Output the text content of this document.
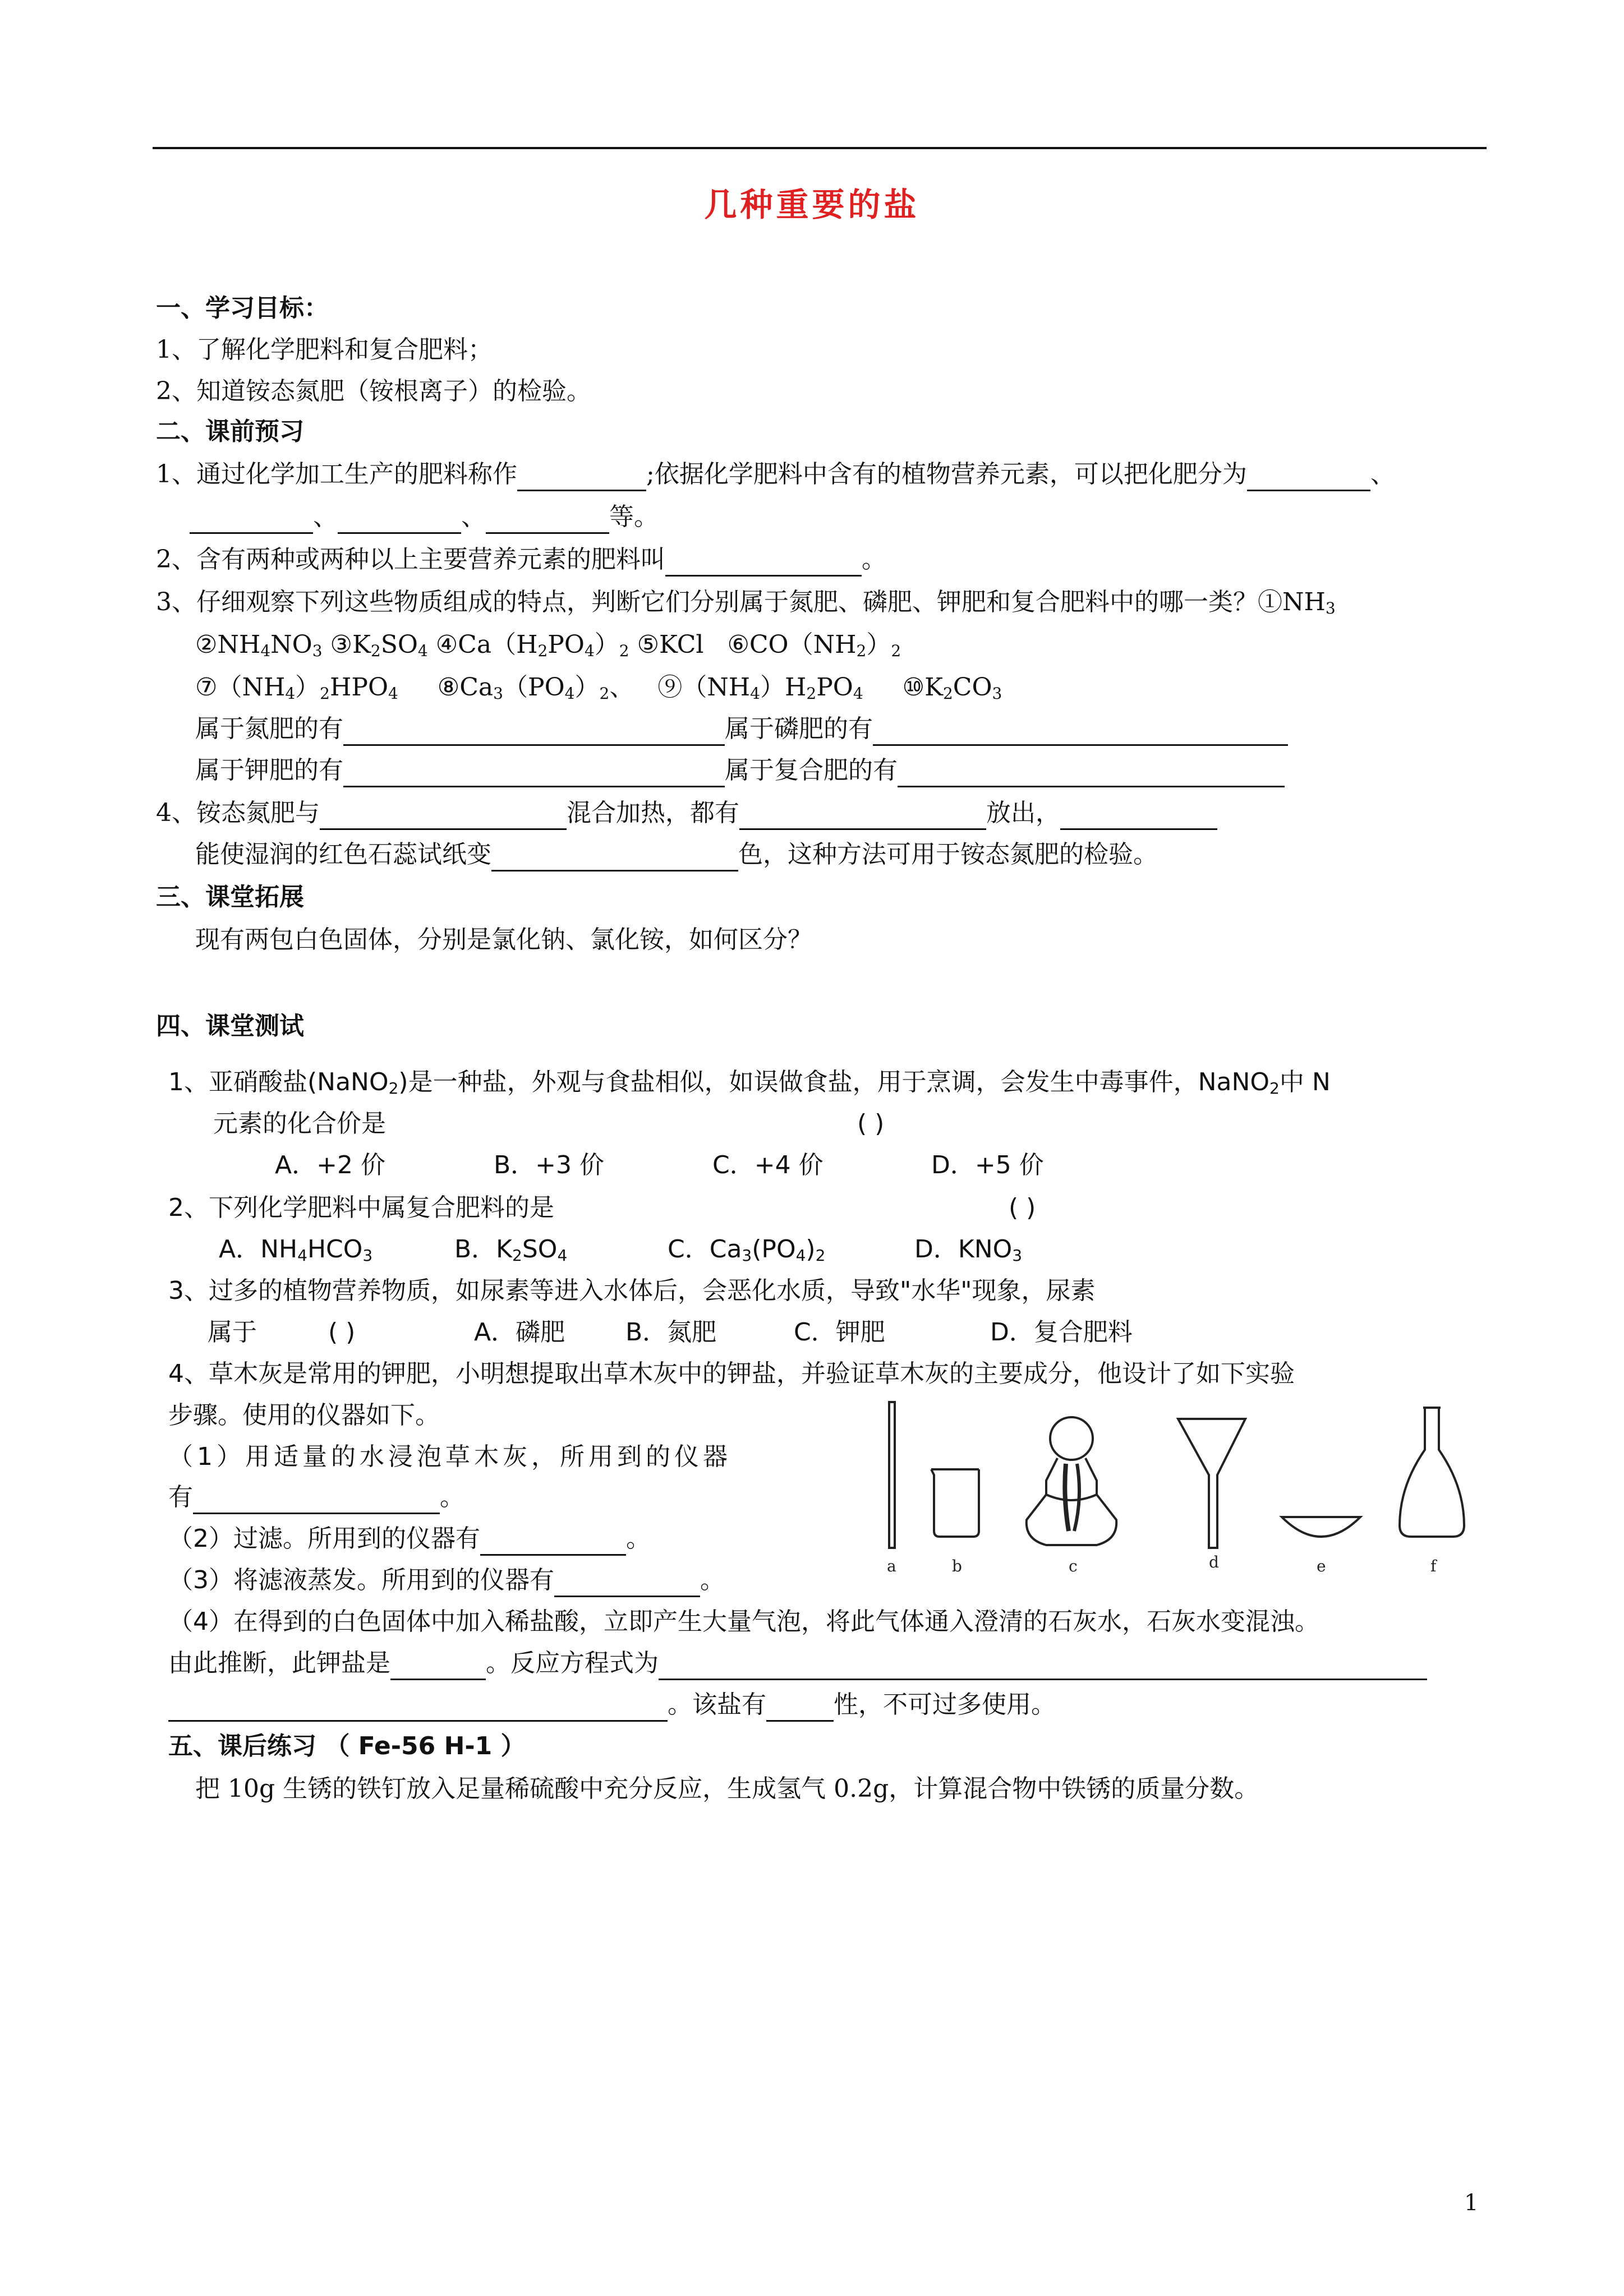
几种重要的盐
一、学习目标：
1、了解化学肥料和复合肥料；
2、知道铵态氮肥（铵根离子）的检验。
二、课前预习
1、通过化学加工生产的肥料称作	;依据化学肥料中含有的植物营养元素，可以把化肥分为	、
、	、	等。
2、含有两种或两种以上主要营养元素的肥料叫	。
3、仔细观察下列这些物质组成的特点，判断它们分别属于氮肥、磷肥、钾肥和复合肥料中的哪一类？$①NH_3$
$②NH_4NO_3$ $③K_2SO_4$ $④Ca(H_2PO_4)_2$ ⑤KCl   $⑥CO(NH_2)_2$
$⑦(NH_4)_2HPO_4$     $⑧Ca_3(PO_4)_2$、   $⑨(NH_4)H_2PO_4$     $⑩K_2CO_3$
属于氮肥的有	属于磷肥的有
属于钾肥的有	属于复合肥的有
4、铵态氮肥与	混合加热，都有	放出，
能使湿润的红色石蕊试纸变	色，这种方法可用于铵态氮肥的检验。
三、课堂拓展
现有两包白色固体，分别是氯化钠、氯化铵，如何区分？
四、课堂测试
1、亚硝酸盐(NaNO$_2$)是一种盐，外观与食盐相似，如误做食盐，用于烹调，会发生中毒事件，NaNO$_2$中 N
元素的化合价是	( )
A．+2 价	B．+3 价	C．+4 价	D．+5 价
2、下列化学肥料中属复合肥料的是	( )
A．$NH_4HCO_3$	B．$K_2SO_4$	C．$Ca_3(PO_4)_2$	D．$KNO_3$
3、过多的植物营养物质，如尿素等进入水体后，会恶化水质，导致"水华"现象，尿素
属于	( )	A．磷肥 B．氮肥	C．钾肥	D．复合肥料
4、草木灰是常用的钾肥，小明想提取出草木灰中的钾盐，并验证草木灰的主要成分，他设计了如下实验
步骤。使用的仪器如下。
（1）用适量的水浸泡草木灰，所用到的仪器
有	。
（2）过滤。所用到的仪器有	。
（3）将滤液蒸发。所用到的仪器有	。
（4）在得到的白色固体中加入稀盐酸，立即产生大量气泡，将此气体通入澄清的石灰水，石灰水变混浊。
由此推断，此钾盐是	。反应方程式为
。该盐有	性，不可过多使用。
a	b	c	d	e	f
五、课后练习 （ Fe-56 H-1 ）
把 10g 生锈的铁钉放入足量稀硫酸中充分反应，生成氢气 0.2g，计算混合物中铁锈的质量分数。
1
